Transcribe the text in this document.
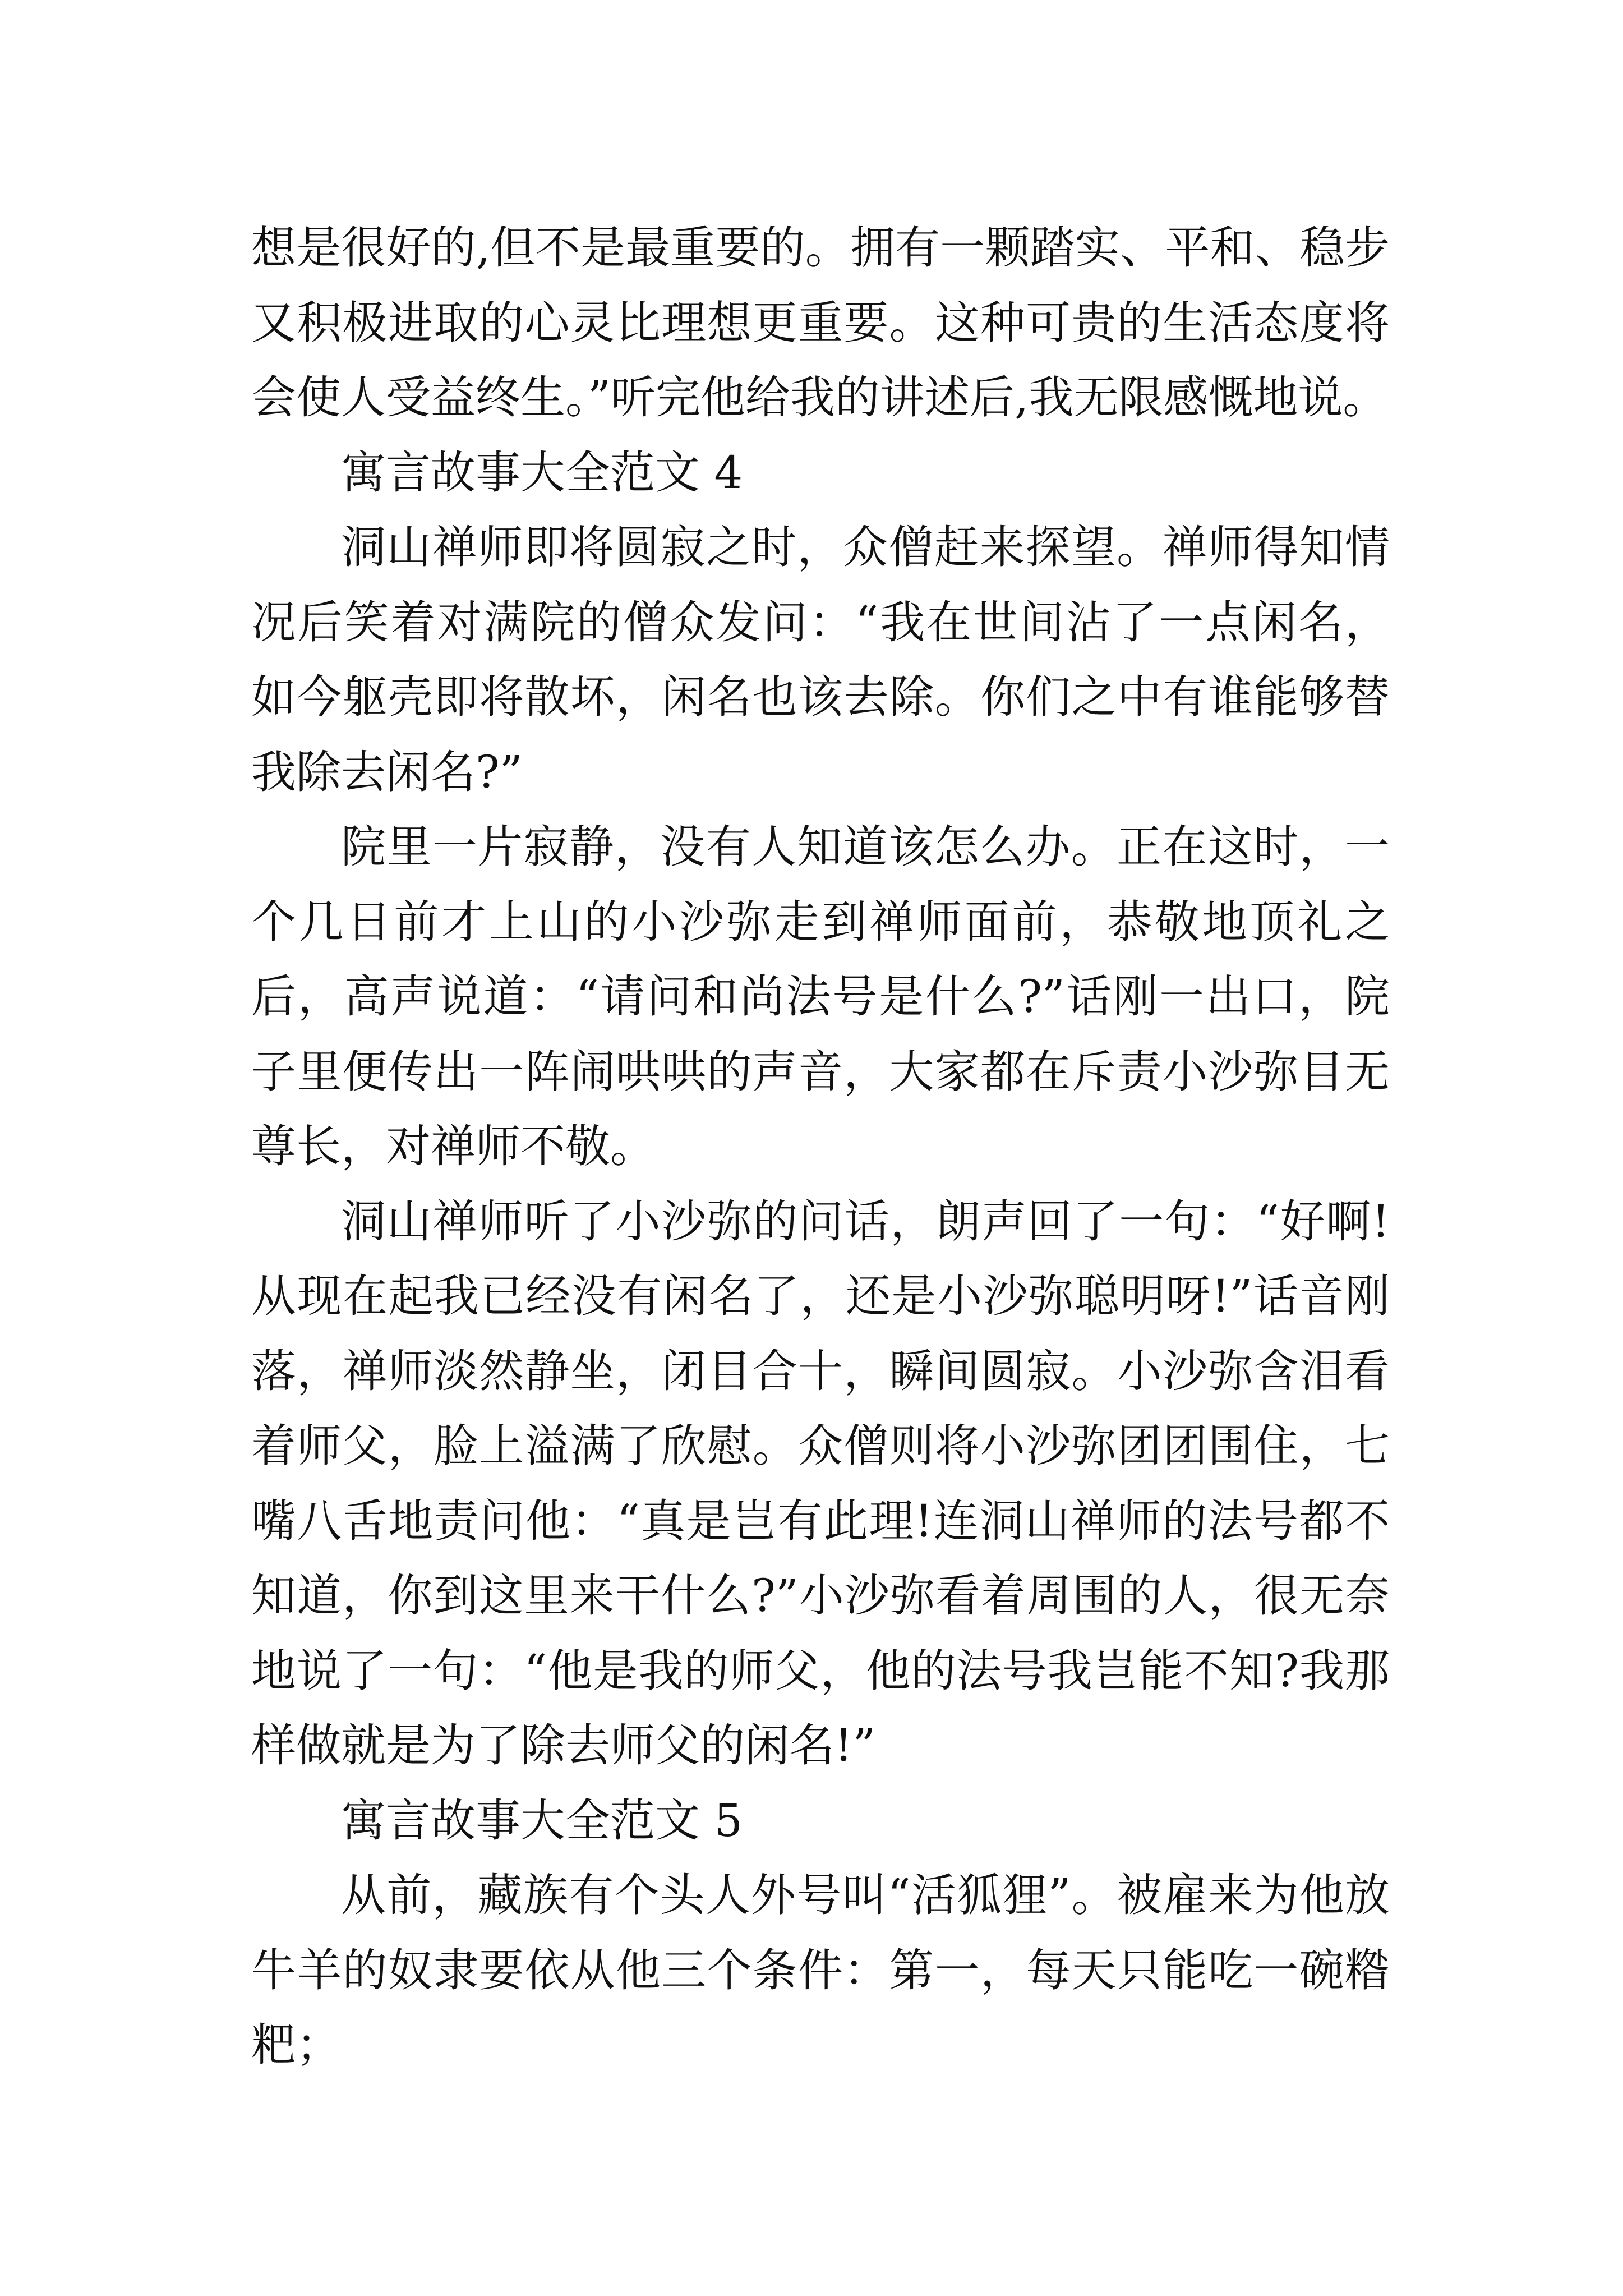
想是很好的,但不是最重要的。拥有一颗踏实、平和、稳步又积极进取的心灵比理想更重要。这种可贵的生活态度将会使人受益终生。”听完他给我的讲述后,我无限感慨地说。

寓言故事大全范文 4

洞山禅师即将圆寂之时，众僧赶来探望。禅师得知情况后笑着对满院的僧众发问：“我在世间沾了一点闲名，如今躯壳即将散坏，闲名也该去除。你们之中有谁能够替我除去闲名?”

院里一片寂静，没有人知道该怎么办。正在这时，一个几日前才上山的小沙弥走到禅师面前，恭敬地顶礼之后，高声说道：“请问和尚法号是什么?”话刚一出口，院子里便传出一阵闹哄哄的声音，大家都在斥责小沙弥目无尊长，对禅师不敬。

洞山禅师听了小沙弥的问话，朗声回了一句：“好啊!从现在起我已经没有闲名了，还是小沙弥聪明呀!”话音刚落，禅师淡然静坐，闭目合十，瞬间圆寂。小沙弥含泪看着师父，脸上溢满了欣慰。众僧则将小沙弥团团围住，七嘴八舌地责问他：“真是岂有此理!连洞山禅师的法号都不知道，你到这里来干什么?”小沙弥看着周围的人，很无奈地说了一句：“他是我的师父，他的法号我岂能不知?我那样做就是为了除去师父的闲名!”

寓言故事大全范文 5

从前，藏族有个头人外号叫“活狐狸”。被雇来为他放牛羊的奴隶要依从他三个条件：第一，每天只能吃一碗糌粑；
